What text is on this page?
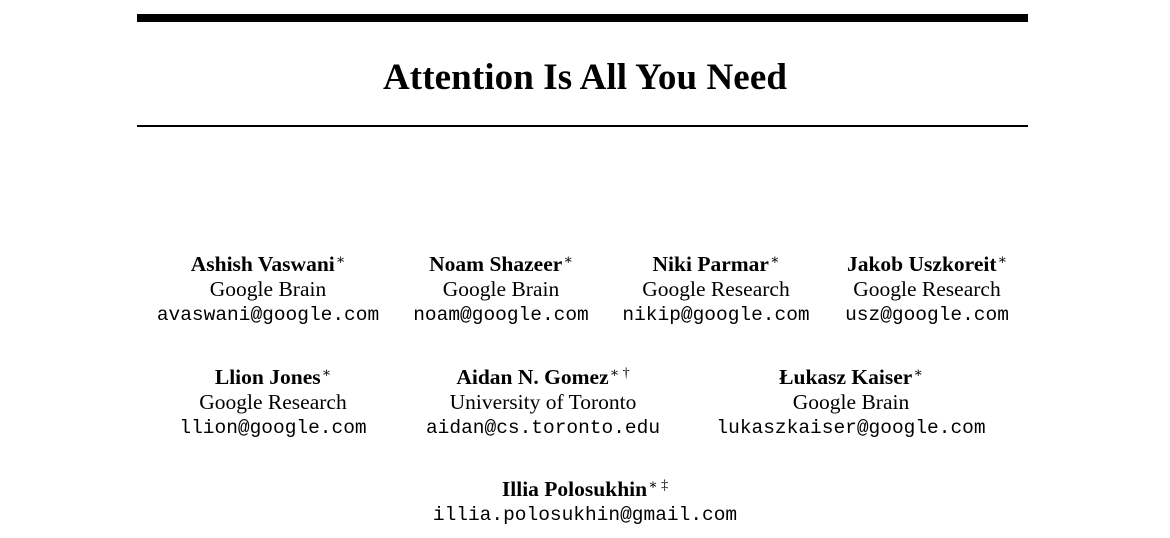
Attention Is All You Need
Ashish Vaswani∗
Google Brain
avaswani@google.com
Noam Shazeer∗
Google Brain
noam@google.com
Niki Parmar∗
Google Research
nikip@google.com
Jakob Uszkoreit∗
Google Research
usz@google.com
Llion Jones∗
Google Research
llion@google.com
Aidan N. Gomez∗ †
University of Toronto
aidan@cs.toronto.edu
Łukasz Kaiser∗
Google Brain
lukaszkaiser@google.com
Illia Polosukhin∗ ‡
illia.polosukhin@gmail.com
